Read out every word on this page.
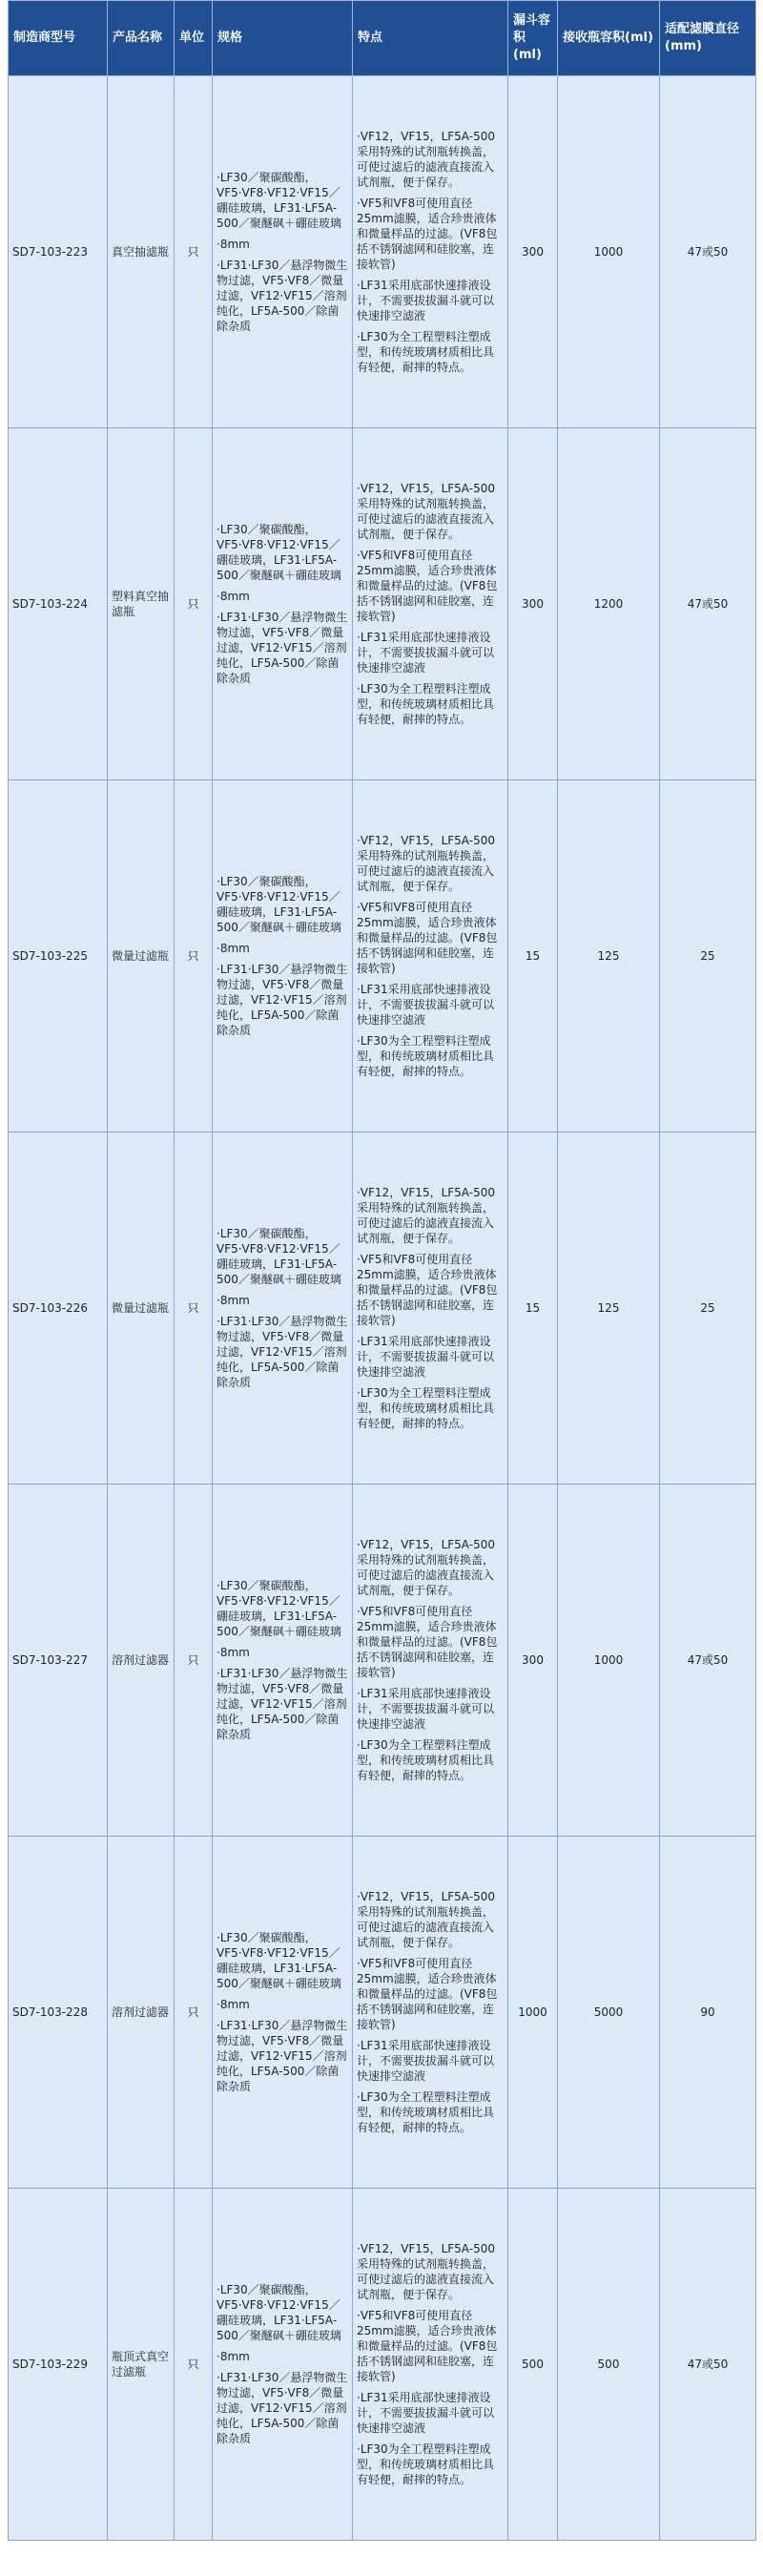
制造商型号	产品名称	单位	规格	特点	漏斗容积(ml)	接收瓶容积(ml)	适配滤膜直径(mm)
SD7-103-223	真空抽滤瓶	只	·LF30／聚碳酸酯，VF5·VF8·VF12·VF15／硼硅玻璃，LF31·LF5A-500／聚醚砜＋硼硅玻璃
·8mm
·LF31·LF30／悬浮物微生物过滤，VF5·VF8／微量过滤，VF12·VF15／溶剂纯化，LF5A-500／除菌除杂质	·VF12，VF15，LF5A-500采用特殊的试剂瓶转换盖，可使过滤后的滤液直接流入试剂瓶，便于保存。
·VF5和VF8可使用直径25mm滤膜，适合珍贵液体和微量样品的过滤。(VF8包括不锈钢滤网和硅胶塞，连接软管)
·LF31采用底部快速排液设计，不需要拔拔漏斗就可以快速排空滤液
·LF30为全工程塑料注塑成型，和传统玻璃材质相比具有轻便，耐摔的特点。	300	1000	47或50
SD7-103-224	塑料真空抽滤瓶	只	·LF30／聚碳酸酯，VF5·VF8·VF12·VF15／硼硅玻璃，LF31·LF5A-500／聚醚砜＋硼硅玻璃
·8mm
·LF31·LF30／悬浮物微生物过滤，VF5·VF8／微量过滤，VF12·VF15／溶剂纯化，LF5A-500／除菌除杂质	·VF12，VF15，LF5A-500采用特殊的试剂瓶转换盖，可使过滤后的滤液直接流入试剂瓶，便于保存。
·VF5和VF8可使用直径25mm滤膜，适合珍贵液体和微量样品的过滤。(VF8包括不锈钢滤网和硅胶塞，连接软管)
·LF31采用底部快速排液设计，不需要拔拔漏斗就可以快速排空滤液
·LF30为全工程塑料注塑成型，和传统玻璃材质相比具有轻便，耐摔的特点。	300	1200	47或50
SD7-103-225	微量过滤瓶	只	·LF30／聚碳酸酯，VF5·VF8·VF12·VF15／硼硅玻璃，LF31·LF5A-500／聚醚砜＋硼硅玻璃
·8mm
·LF31·LF30／悬浮物微生物过滤，VF5·VF8／微量过滤，VF12·VF15／溶剂纯化，LF5A-500／除菌除杂质	·VF12，VF15，LF5A-500采用特殊的试剂瓶转换盖，可使过滤后的滤液直接流入试剂瓶，便于保存。
·VF5和VF8可使用直径25mm滤膜，适合珍贵液体和微量样品的过滤。(VF8包括不锈钢滤网和硅胶塞，连接软管)
·LF31采用底部快速排液设计，不需要拔拔漏斗就可以快速排空滤液
·LF30为全工程塑料注塑成型，和传统玻璃材质相比具有轻便，耐摔的特点。	15	125	25
SD7-103-226	微量过滤瓶	只	·LF30／聚碳酸酯，VF5·VF8·VF12·VF15／硼硅玻璃，LF31·LF5A-500／聚醚砜＋硼硅玻璃
·8mm
·LF31·LF30／悬浮物微生物过滤，VF5·VF8／微量过滤，VF12·VF15／溶剂纯化，LF5A-500／除菌除杂质	·VF12，VF15，LF5A-500采用特殊的试剂瓶转换盖，可使过滤后的滤液直接流入试剂瓶，便于保存。
·VF5和VF8可使用直径25mm滤膜，适合珍贵液体和微量样品的过滤。(VF8包括不锈钢滤网和硅胶塞，连接软管)
·LF31采用底部快速排液设计，不需要拔拔漏斗就可以快速排空滤液
·LF30为全工程塑料注塑成型，和传统玻璃材质相比具有轻便，耐摔的特点。	15	125	25
SD7-103-227	溶剂过滤器	只	·LF30／聚碳酸酯，VF5·VF8·VF12·VF15／硼硅玻璃，LF31·LF5A-500／聚醚砜＋硼硅玻璃
·8mm
·LF31·LF30／悬浮物微生物过滤，VF5·VF8／微量过滤，VF12·VF15／溶剂纯化，LF5A-500／除菌除杂质	·VF12，VF15，LF5A-500采用特殊的试剂瓶转换盖，可使过滤后的滤液直接流入试剂瓶，便于保存。
·VF5和VF8可使用直径25mm滤膜，适合珍贵液体和微量样品的过滤。(VF8包括不锈钢滤网和硅胶塞，连接软管)
·LF31采用底部快速排液设计，不需要拔拔漏斗就可以快速排空滤液
·LF30为全工程塑料注塑成型，和传统玻璃材质相比具有轻便，耐摔的特点。	300	1000	47或50
SD7-103-228	溶剂过滤器	只	·LF30／聚碳酸酯，VF5·VF8·VF12·VF15／硼硅玻璃，LF31·LF5A-500／聚醚砜＋硼硅玻璃
·8mm
·LF31·LF30／悬浮物微生物过滤，VF5·VF8／微量过滤，VF12·VF15／溶剂纯化，LF5A-500／除菌除杂质	·VF12，VF15，LF5A-500采用特殊的试剂瓶转换盖，可使过滤后的滤液直接流入试剂瓶，便于保存。
·VF5和VF8可使用直径25mm滤膜，适合珍贵液体和微量样品的过滤。(VF8包括不锈钢滤网和硅胶塞，连接软管)
·LF31采用底部快速排液设计，不需要拔拔漏斗就可以快速排空滤液
·LF30为全工程塑料注塑成型，和传统玻璃材质相比具有轻便，耐摔的特点。	1000	5000	90
SD7-103-229	瓶顶式真空过滤瓶	只	·LF30／聚碳酸酯，VF5·VF8·VF12·VF15／硼硅玻璃，LF31·LF5A-500／聚醚砜＋硼硅玻璃
·8mm
·LF31·LF30／悬浮物微生物过滤，VF5·VF8／微量过滤，VF12·VF15／溶剂纯化，LF5A-500／除菌除杂质	·VF12，VF15，LF5A-500采用特殊的试剂瓶转换盖，可使过滤后的滤液直接流入试剂瓶，便于保存。
·VF5和VF8可使用直径25mm滤膜，适合珍贵液体和微量样品的过滤。(VF8包括不锈钢滤网和硅胶塞，连接软管)
·LF31采用底部快速排液设计，不需要拔拔漏斗就可以快速排空滤液
·LF30为全工程塑料注塑成型，和传统玻璃材质相比具有轻便，耐摔的特点。	500	500	47或50
